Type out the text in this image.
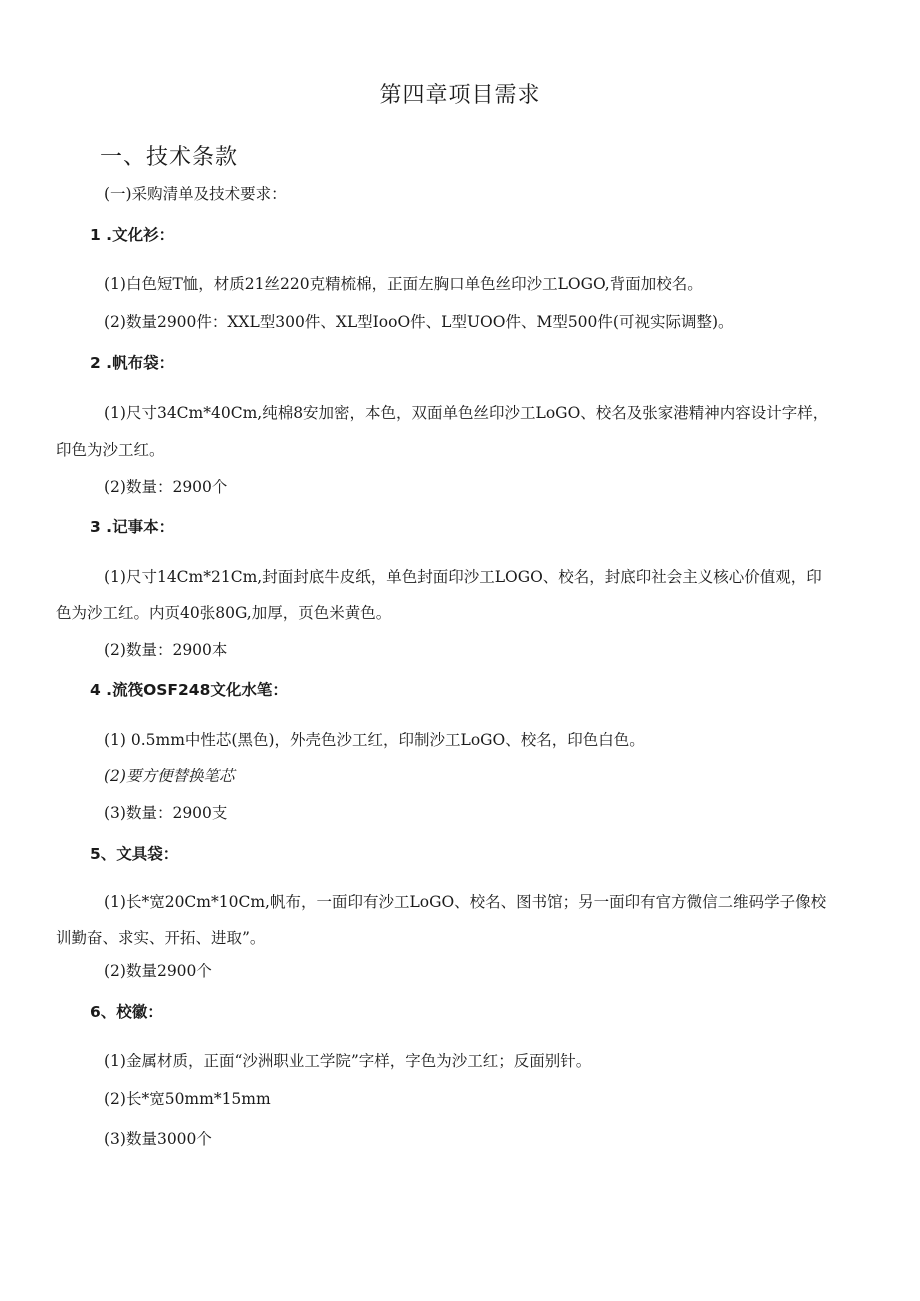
第四章项目需求
一、技术条款
(一)采购清单及技术要求：
1 .文化衫：
(1)白色短T恤，材质21丝220克精梳棉，正面左胸口单色丝印沙工LOGO,背面加校名。
(2)数量2900件：XXL型300件、XL型IooO件、L型UOO件、M型500件(可视实际调整)。
2 .帆布袋：
(1)尺寸34Cm*40Cm,纯棉8安加密，本色，双面单色丝印沙工LoGO、校名及张家港精神内容设计字样，
印色为沙工红。
(2)数量：2900个
3 .记事本：
(1)尺寸14Cm*21Cm,封面封底牛皮纸，单色封面印沙工LOGO、校名，封底印社会主义核心价值观，印
色为沙工红。内页40张80G,加厚，页色米黄色。
(2)数量：2900本
4 .流筏OSF248文化水笔：
(1) 0.5mm中性芯(黑色)，外壳色沙工红，印制沙工LoGO、校名，印色白色。
(2)要方便替换笔芯
(3)数量：2900支
5、文具袋：
(1)长*宽20Cm*10Cm,帆布，一面印有沙工LoGO、校名、图书馆；另一面印有官方微信二维码学子像校
训勤奋、求实、开拓、进取”。
(2)数量2900个
6、校徽：
(1)金属材质，正面“沙洲职业工学院”字样，字色为沙工红；反面别针。
(2)长*宽50mm*15mm
(3)数量3000个
